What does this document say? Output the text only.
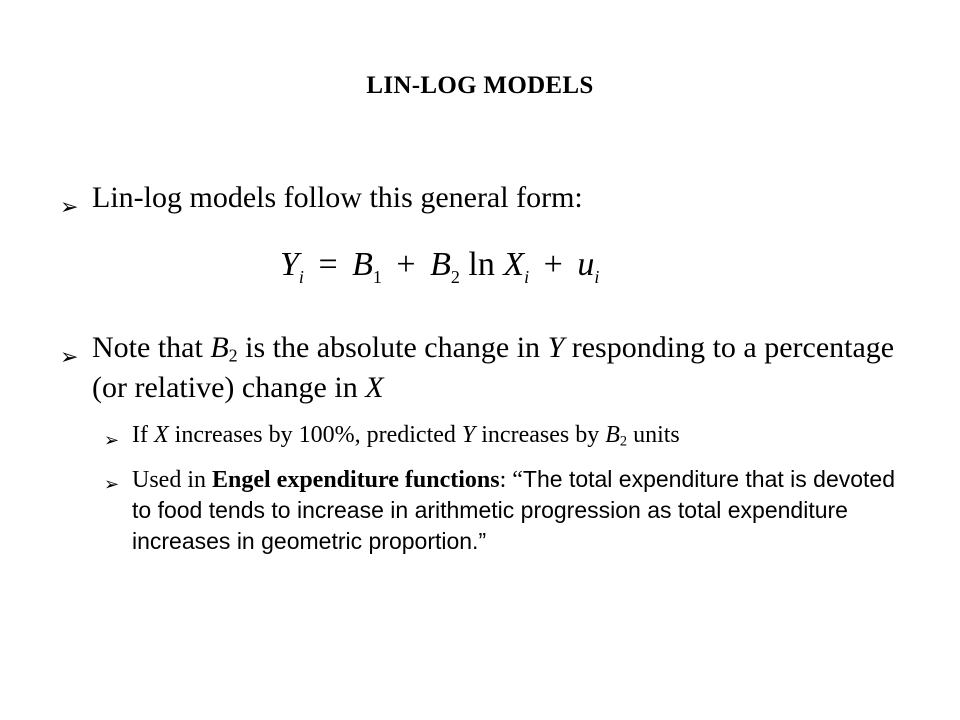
LIN-LOG MODELS
➢ Lin-log models follow this general form:
$Y_i = B_1 + B_2$ $\ln X_i + u_i$
➢ Note that $B_2$ is the absolute change in Y responding to a percentage (or relative) change in X
➢ If X increases by 100%, predicted Y increases by $B_2$ units
➢ Used in Engel expenditure functions: “The total expenditure that is devoted to food tends to increase in arithmetic progression as total expenditure increases in geometric proportion.”
